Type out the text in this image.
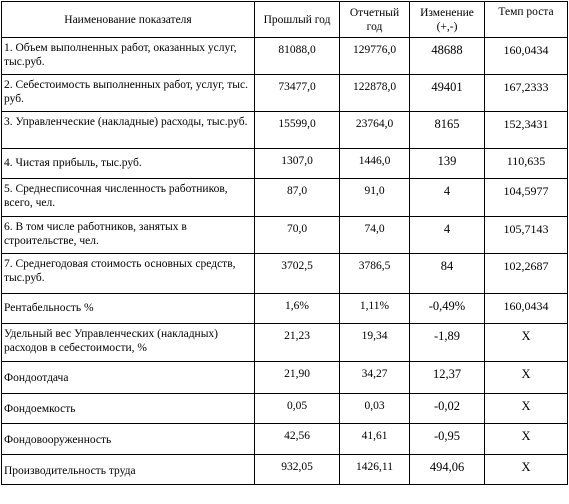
Наименование показателя	Прошлый год	Отчетный год	Изменение (+,-)	Темп роста
1. Объем выполненных работ, оказанных услуг, тыс.руб.	81088,0	129776,0	48688	160,0434
2. Себестоимость выполненных работ, услуг, тыс. руб.	73477,0	122878,0	49401	167,2333
3. Управленческие (накладные) расходы, тыс.руб.	15599,0	23764,0	8165	152,3431
4. Чистая прибыль, тыс.руб.	1307,0	1446,0	139	110,635
5. Среднесписочная численность работников, всего, чел.	87,0	91,0	4	104,5977
6. В том числе работников, занятых в строительстве, чел.	70,0	74,0	4	105,7143
7. Среднегодовая стоимость основных средств, тыс.руб.	3702,5	3786,5	84	102,2687
Рентабельность %	1,6%	1,11%	-0,49%	160,0434
Удельный вес Управленческих (накладных) расходов в себестоимости, %	21,23	19,34	-1,89	X
Фондоотдача	21,90	34,27	12,37	X
Фондоемкость	0,05	0,03	-0,02	X
Фондовооруженность	42,56	41,61	-0,95	X
Производительность труда	932,05	1426,11	494,06	X
